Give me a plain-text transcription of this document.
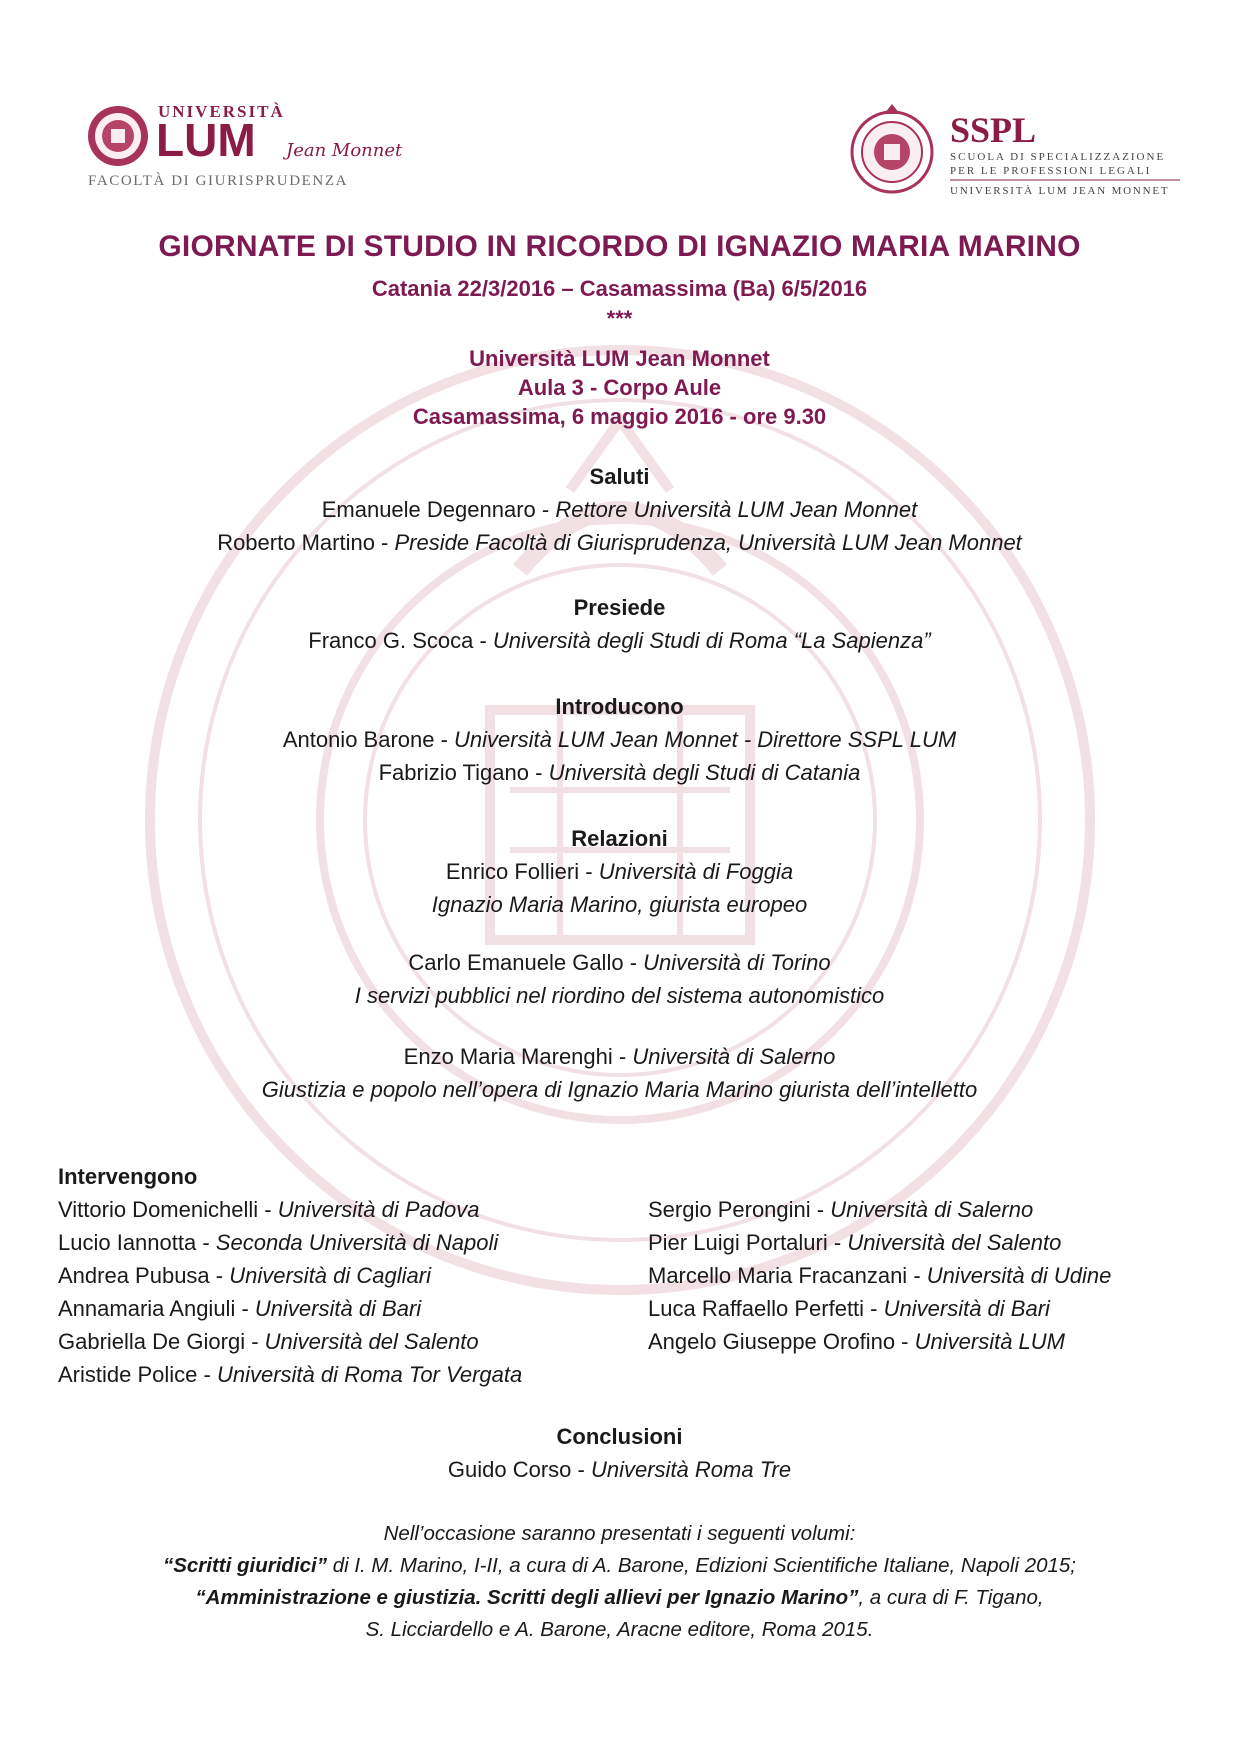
UNIVERSITÀ
LUM Jean Monnet
FACOLTÀ DI GIURISPRUDENZA
SSPL
SCUOLA DI SPECIALIZZAZIONE
PER LE PROFESSIONI LEGALI
UNIVERSITÀ LUM JEAN MONNET
GIORNATE DI STUDIO IN RICORDO DI IGNAZIO MARIA MARINO
Catania 22/3/2016 – Casamassima (Ba) 6/5/2016
***
Università LUM Jean Monnet
Aula 3 - Corpo Aule
Casamassima, 6 maggio 2016 - ore 9.30
Saluti
Emanuele Degennaro - Rettore Università LUM Jean Monnet
Roberto Martino - Preside Facoltà di Giurisprudenza, Università LUM Jean Monnet
Presiede
Franco G. Scoca - Università degli Studi di Roma “La Sapienza”
Introducono
Antonio Barone - Università LUM Jean Monnet - Direttore SSPL LUM
Fabrizio Tigano - Università degli Studi di Catania
Relazioni
Enrico Follieri - Università di Foggia
Ignazio Maria Marino, giurista europeo
Carlo Emanuele Gallo - Università di Torino
I servizi pubblici nel riordino del sistema autonomistico
Enzo Maria Marenghi - Università di Salerno
Giustizia e popolo nell’opera di Ignazio Maria Marino giurista dell’intelletto
Intervengono
Vittorio Domenichelli - Università di Padova
Lucio Iannotta - Seconda Università di Napoli
Andrea Pubusa - Università di Cagliari
Annamaria Angiuli - Università di Bari
Gabriella De Giorgi - Università del Salento
Aristide Police - Università di Roma Tor Vergata
Sergio Perongini - Università di Salerno
Pier Luigi Portaluri - Università del Salento
Marcello Maria Fracanzani - Università di Udine
Luca Raffaello Perfetti - Università di Bari
Angelo Giuseppe Orofino - Università LUM
Conclusioni
Guido Corso - Università Roma Tre
Nell’occasione saranno presentati i seguenti volumi:
“Scritti giuridici” di I. M. Marino, I-II, a cura di A. Barone, Edizioni Scientifiche Italiane, Napoli 2015;
“Amministrazione e giustizia. Scritti degli allievi per Ignazio Marino”, a cura di F. Tigano,
S. Licciardello e A. Barone, Aracne editore, Roma 2015.
